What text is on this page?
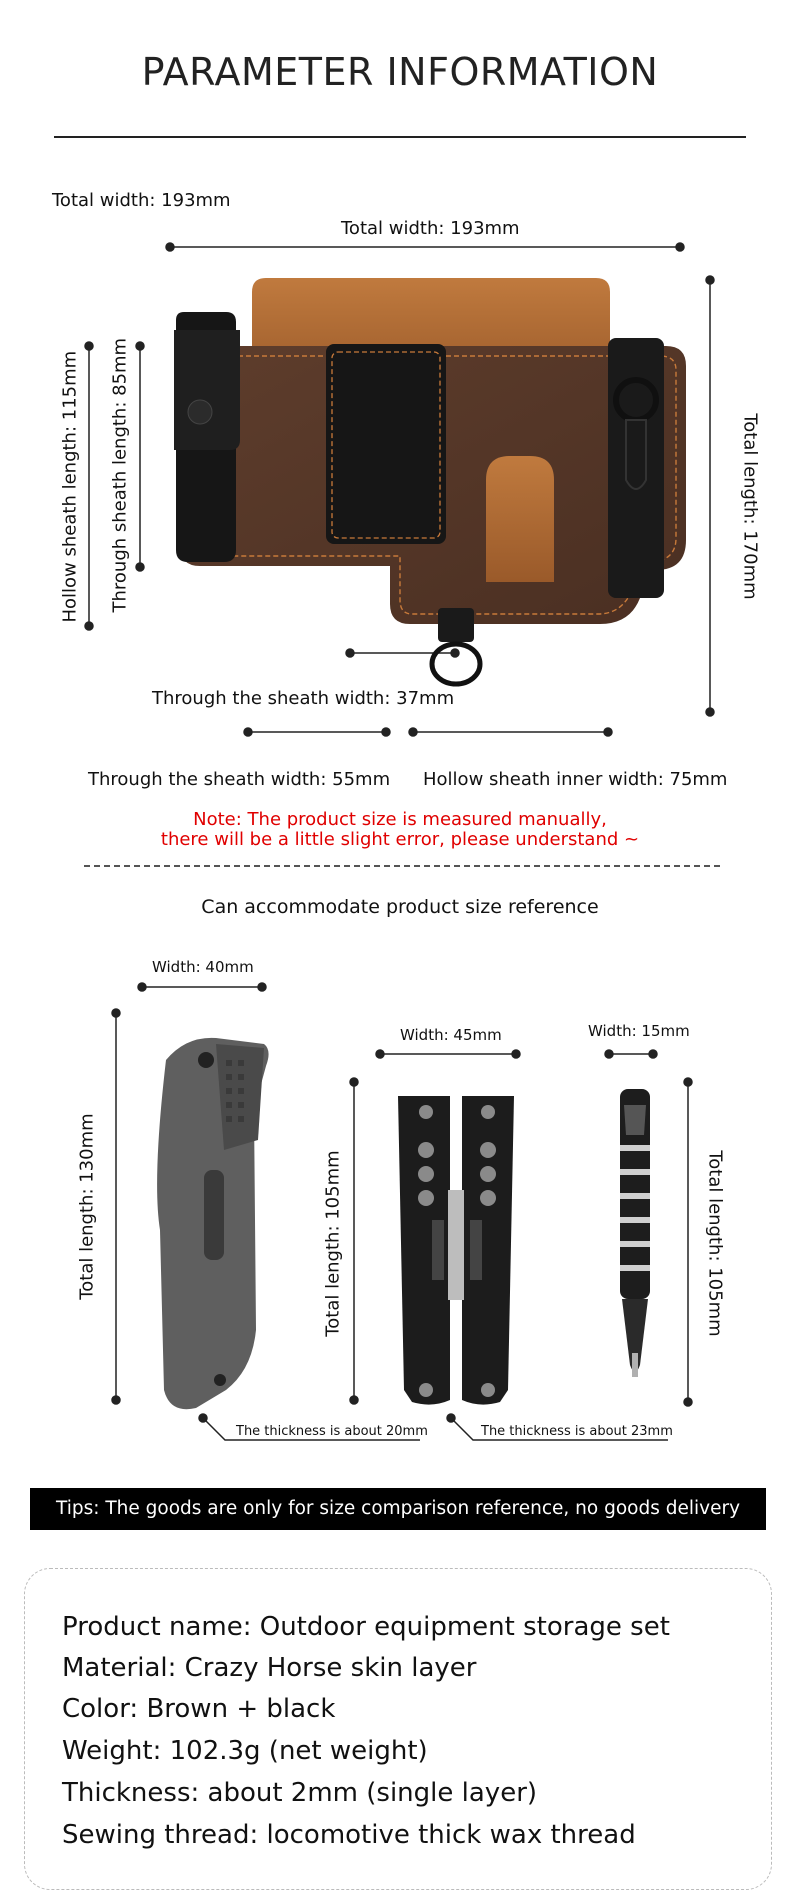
PARAMETER INFORMATION
Total width: 193mm
Total width: 193mm
Hollow sheath length: 115mm Through sheath length: 85mm	Total length: 170mm
Through the sheath width: 37mm
Through the sheath width: 55mm Hollow sheath inner width: 75mm
Note: The product size is measured manually,
there will be a little slight error, please understand ~
Can accommodate product size reference
Width: 40mm
Total length: 130mm
Width: 45mm
Total length: 105mm
Width: 15mm
Total length: 105mm
The thickness is about 20mm	The thickness is about 23mm
Tips: The goods are only for size comparison reference, no goods delivery
Product name: Outdoor equipment storage set
Material: Crazy Horse skin layer
Color: Brown + black
Weight: 102.3g (net weight)
Thickness: about 2mm (single layer)
Sewing thread: locomotive thick wax thread
